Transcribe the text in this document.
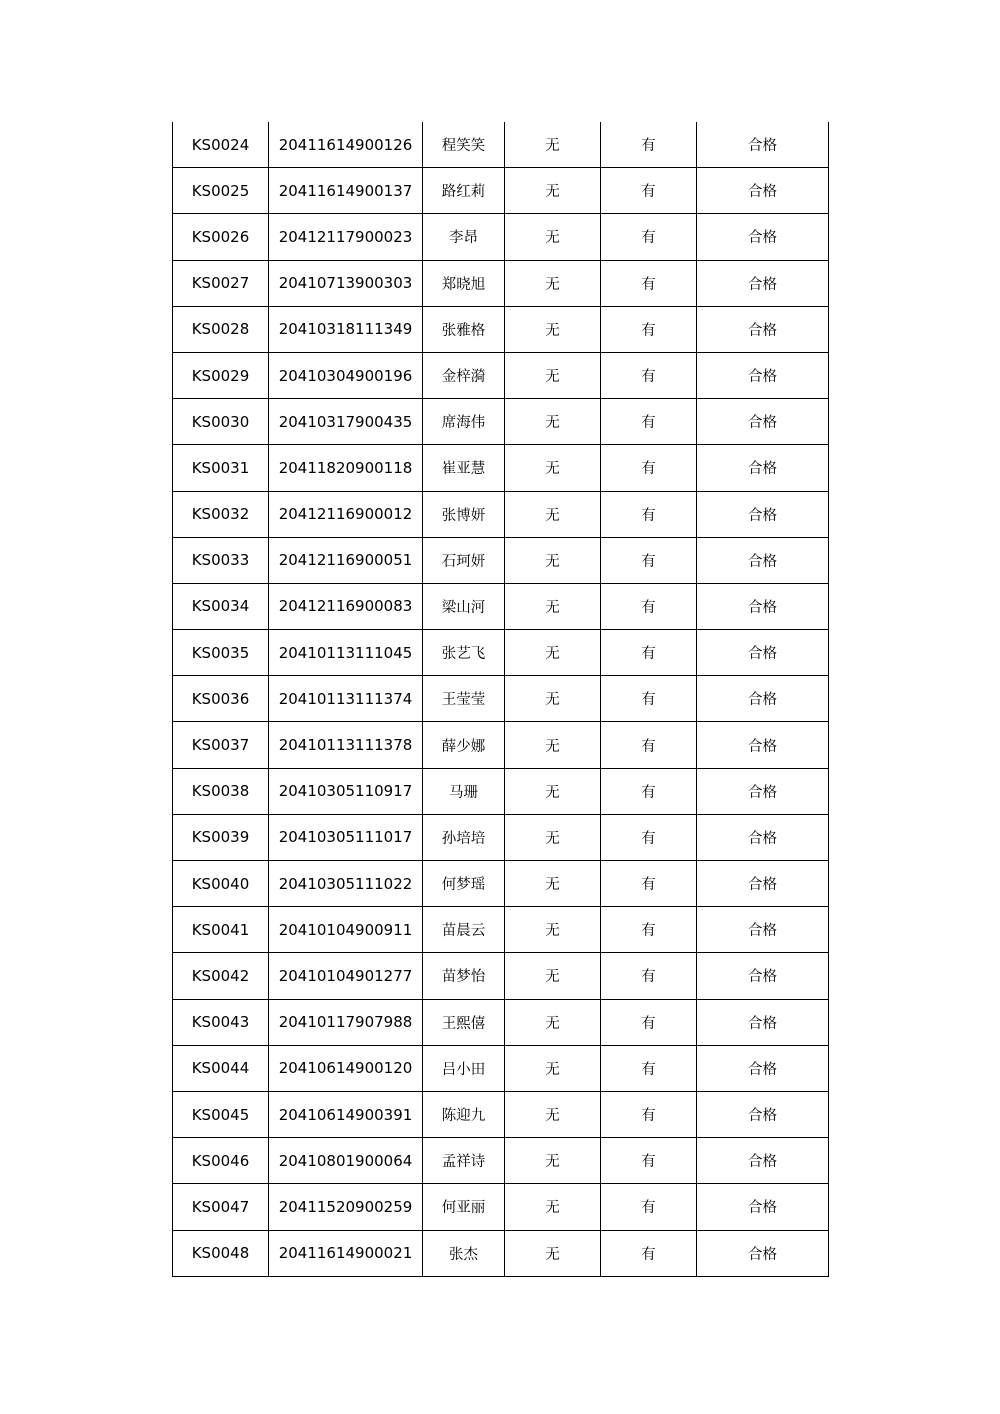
KS0024	20411614900126	程笑笑	无	有	合格
KS0025	20411614900137	路红莉	无	有	合格
KS0026	20412117900023	李昂	无	有	合格
KS0027	20410713900303	郑晓旭	无	有	合格
KS0028	20410318111349	张雅格	无	有	合格
KS0029	20410304900196	金梓漪	无	有	合格
KS0030	20410317900435	席海伟	无	有	合格
KS0031	20411820900118	崔亚慧	无	有	合格
KS0032	20412116900012	张博妍	无	有	合格
KS0033	20412116900051	石珂妍	无	有	合格
KS0034	20412116900083	梁山河	无	有	合格
KS0035	20410113111045	张艺飞	无	有	合格
KS0036	20410113111374	王莹莹	无	有	合格
KS0037	20410113111378	薛少娜	无	有	合格
KS0038	20410305110917	马珊	无	有	合格
KS0039	20410305111017	孙培培	无	有	合格
KS0040	20410305111022	何梦瑶	无	有	合格
KS0041	20410104900911	苗晨云	无	有	合格
KS0042	20410104901277	苗梦怡	无	有	合格
KS0043	20410117907988	王熙僖	无	有	合格
KS0044	20410614900120	吕小田	无	有	合格
KS0045	20410614900391	陈迎九	无	有	合格
KS0046	20410801900064	孟祥诗	无	有	合格
KS0047	20411520900259	何亚丽	无	有	合格
KS0048	20411614900021	张杰	无	有	合格
